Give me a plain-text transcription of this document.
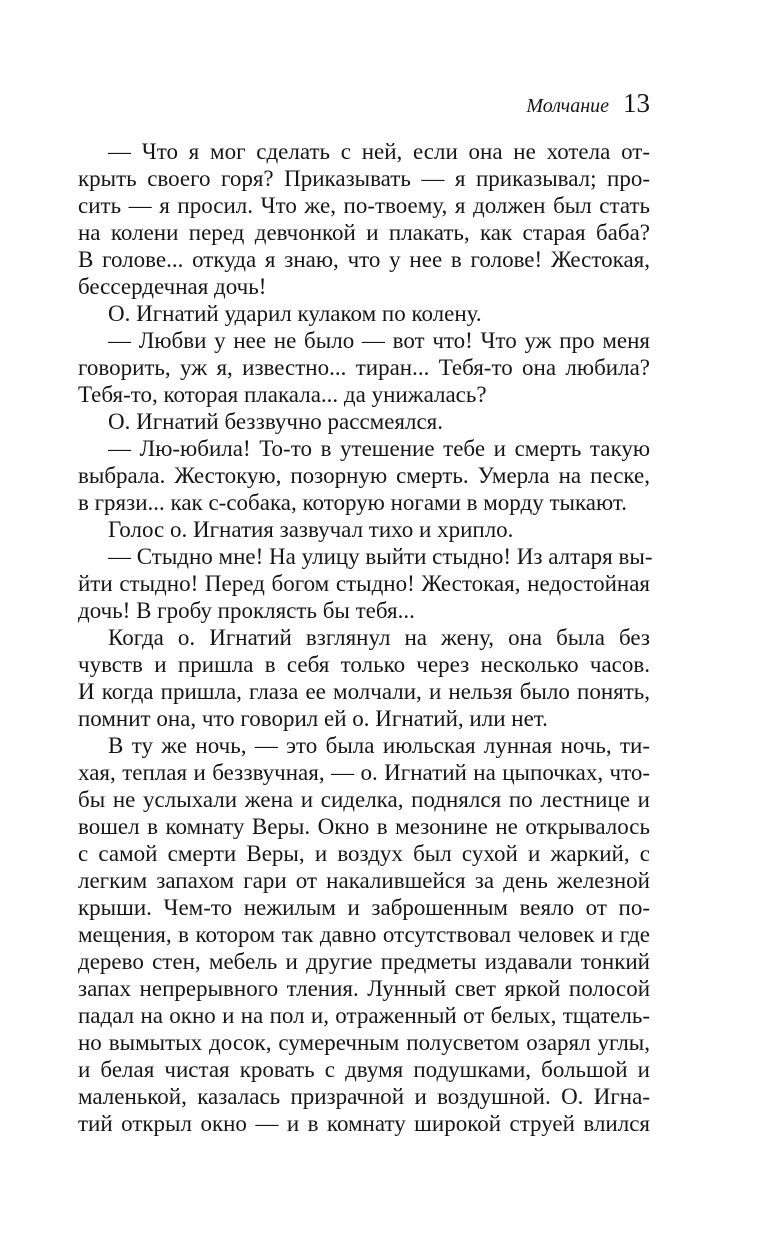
Молчание 13
— Что я мог сделать с ней, если она не хотела от-
крыть своего горя? Приказывать — я приказывал; про-
сить — я просил. Что же, по-твоему, я должен был стать
на колени перед девчонкой и плакать, как старая баба?
В голове... откуда я знаю, что у нее в голове! Жестокая,
бессердечная дочь!
О. Игнатий ударил кулаком по колену.
— Любви у нее не было — вот что! Что уж про меня
говорить, уж я, известно... тиран... Тебя-то она любила?
Тебя-то, которая плакала... да унижалась?
О. Игнатий беззвучно рассмеялся.
— Лю-юбила! То-то в утешение тебе и смерть такую
выбрала. Жестокую, позорную смерть. Умерла на песке,
в грязи... как с-собака, которую ногами в морду тыкают.
Голос о. Игнатия зазвучал тихо и хрипло.
— Стыдно мне! На улицу выйти стыдно! Из алтаря вы-
йти стыдно! Перед богом стыдно! Жестокая, недостойная
дочь! В гробу проклясть бы тебя...
Когда о. Игнатий взглянул на жену, она была без
чувств и пришла в себя только через несколько часов.
И когда пришла, глаза ее молчали, и нельзя было понять,
помнит она, что говорил ей о. Игнатий, или нет.
В ту же ночь, — это была июльская лунная ночь, ти-
хая, теплая и беззвучная, — о. Игнатий на цыпочках, что-
бы не услыхали жена и сиделка, поднялся по лестнице и
вошел в комнату Веры. Окно в мезонине не открывалось
с самой смерти Веры, и воздух был сухой и жаркий, с
легким запахом гари от накалившейся за день железной
крыши. Чем-то нежилым и заброшенным веяло от по-
мещения, в котором так давно отсутствовал человек и где
дерево стен, мебель и другие предметы издавали тонкий
запах непрерывного тления. Лунный свет яркой полосой
падал на окно и на пол и, отраженный от белых, тщатель-
но вымытых досок, сумеречным полусветом озарял углы,
и белая чистая кровать с двумя подушками, большой и
маленькой, казалась призрачной и воздушной. О. Игна-
тий открыл окно — и в комнату широкой струей влился
